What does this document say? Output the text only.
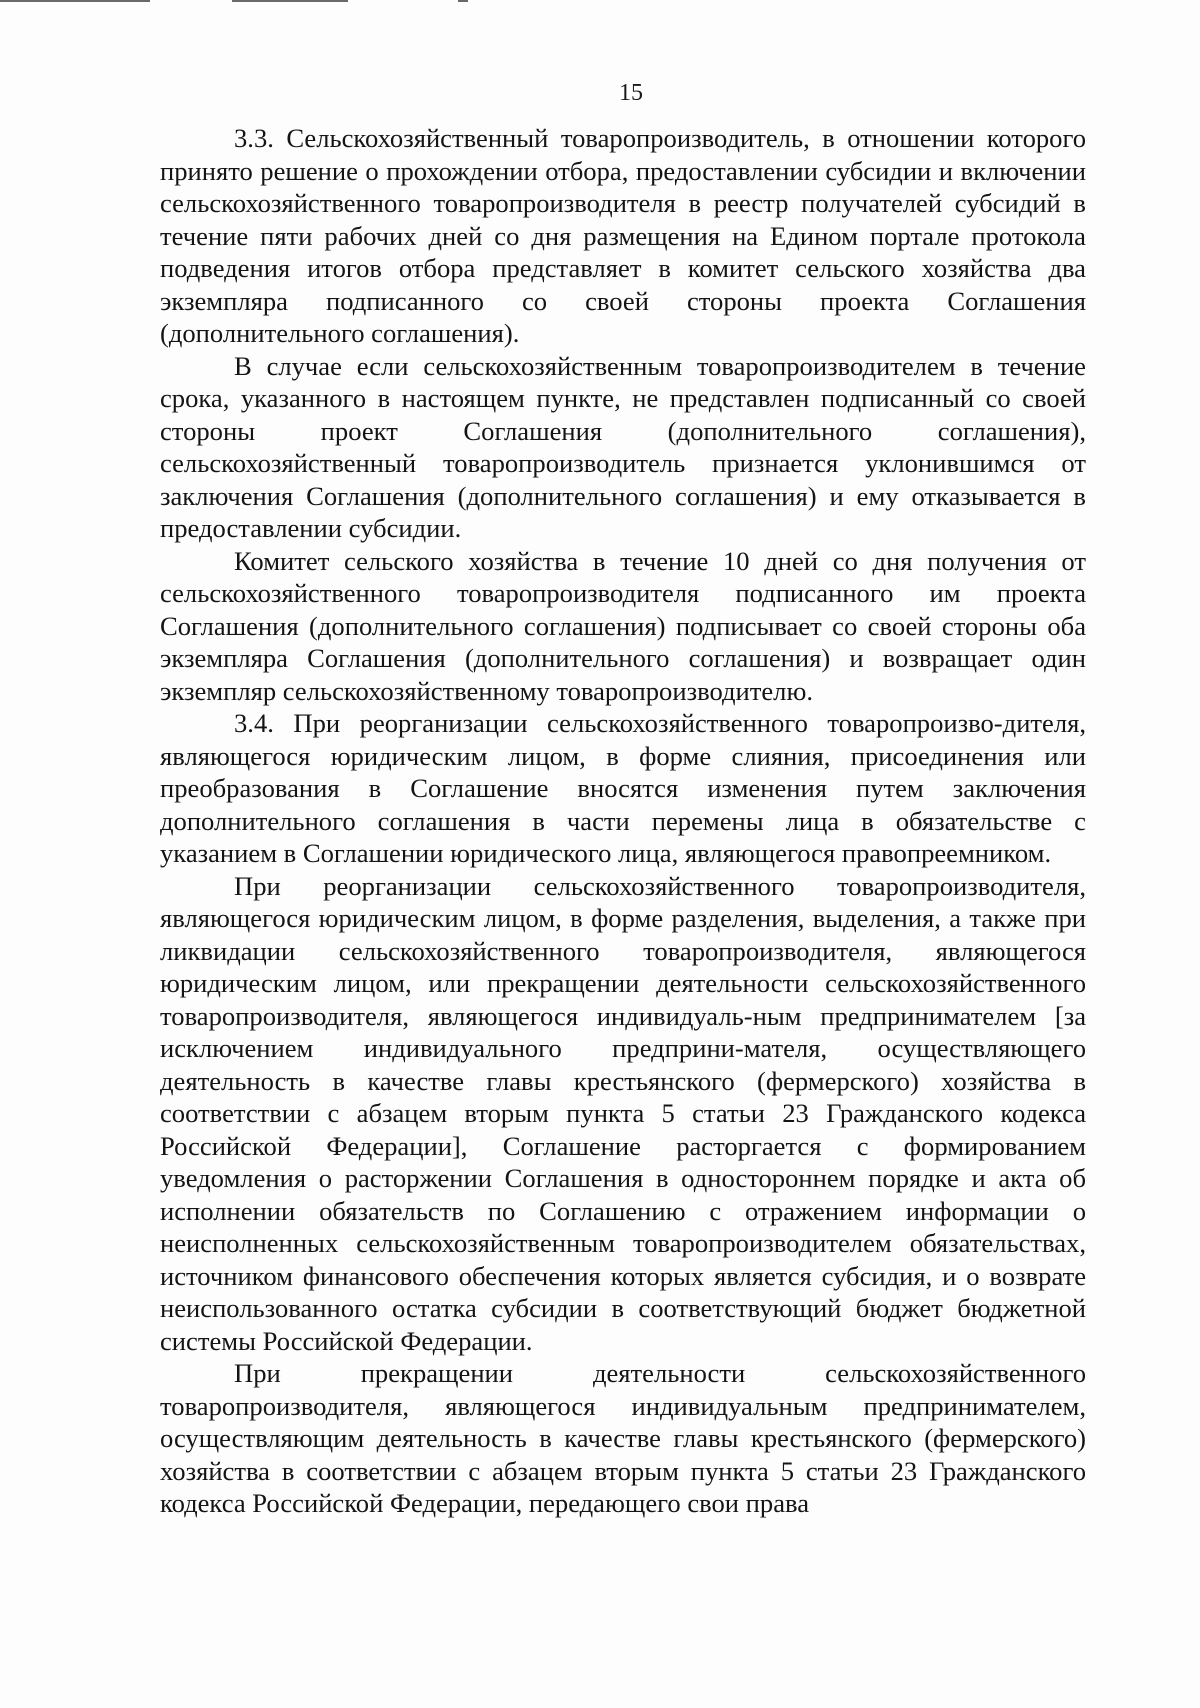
15

3.3. Сельскохозяйственный товаропроизводитель, в отношении которого принято решение о прохождении отбора, предоставлении субсидии и включении сельскохозяйственного товаропроизводителя в реестр получателей субсидий в течение пяти рабочих дней со дня размещения на Едином портале протокола подведения итогов отбора представляет в комитет сельского хозяйства два экземпляра подписанного со своей стороны проекта Соглашения (дополнительного соглашения).

В случае если сельскохозяйственным товаропроизводителем в течение срока, указанного в настоящем пункте, не представлен подписанный со своей стороны проект Соглашения (дополнительного соглашения), сельскохозяйственный товаропроизводитель признается уклонившимся от заключения Соглашения (дополнительного соглашения) и ему отказывается в предоставлении субсидии.

Комитет сельского хозяйства в течение 10 дней со дня получения от сельскохозяйственного товаропроизводителя подписанного им проекта Соглашения (дополнительного соглашения) подписывает со своей стороны оба экземпляра Соглашения (дополнительного соглашения) и возвращает один экземпляр сельскохозяйственному товаропроизводителю.

3.4. При реорганизации сельскохозяйственного товаропроизво-дителя, являющегося юридическим лицом, в форме слияния, присоединения или преобразования в Соглашение вносятся изменения путем заключения дополнительного соглашения в части перемены лица в обязательстве с указанием в Соглашении юридического лица, являющегося правопреемником.

При реорганизации сельскохозяйственного товаропроизводителя, являющегося юридическим лицом, в форме разделения, выделения, а также при ликвидации сельскохозяйственного товаропроизводителя, являющегося юридическим лицом, или прекращении деятельности сельскохозяйственного товаропроизводителя, являющегося индивидуаль-ным предпринимателем [за исключением индивидуального предприни-мателя, осуществляющего деятельность в качестве главы крестьянского (фермерского) хозяйства в соответствии с абзацем вторым пункта 5 статьи 23 Гражданского кодекса Российской Федерации], Соглашение расторгается с формированием уведомления о расторжении Соглашения в одностороннем порядке и акта об исполнении обязательств по Соглашению с отражением информации о неисполненных сельскохозяйственным товаропроизводителем обязательствах, источником финансового обеспечения которых является субсидия, и о возврате неиспользованного остатка субсидии в соответствующий бюджет бюджетной системы Российской Федерации.

При прекращении деятельности сельскохозяйственного товаропроизводителя, являющегося индивидуальным предпринимателем, осуществляющим деятельность в качестве главы крестьянского (фермерского) хозяйства в соответствии с абзацем вторым пункта 5 статьи 23 Гражданского кодекса Российской Федерации, передающего свои права
